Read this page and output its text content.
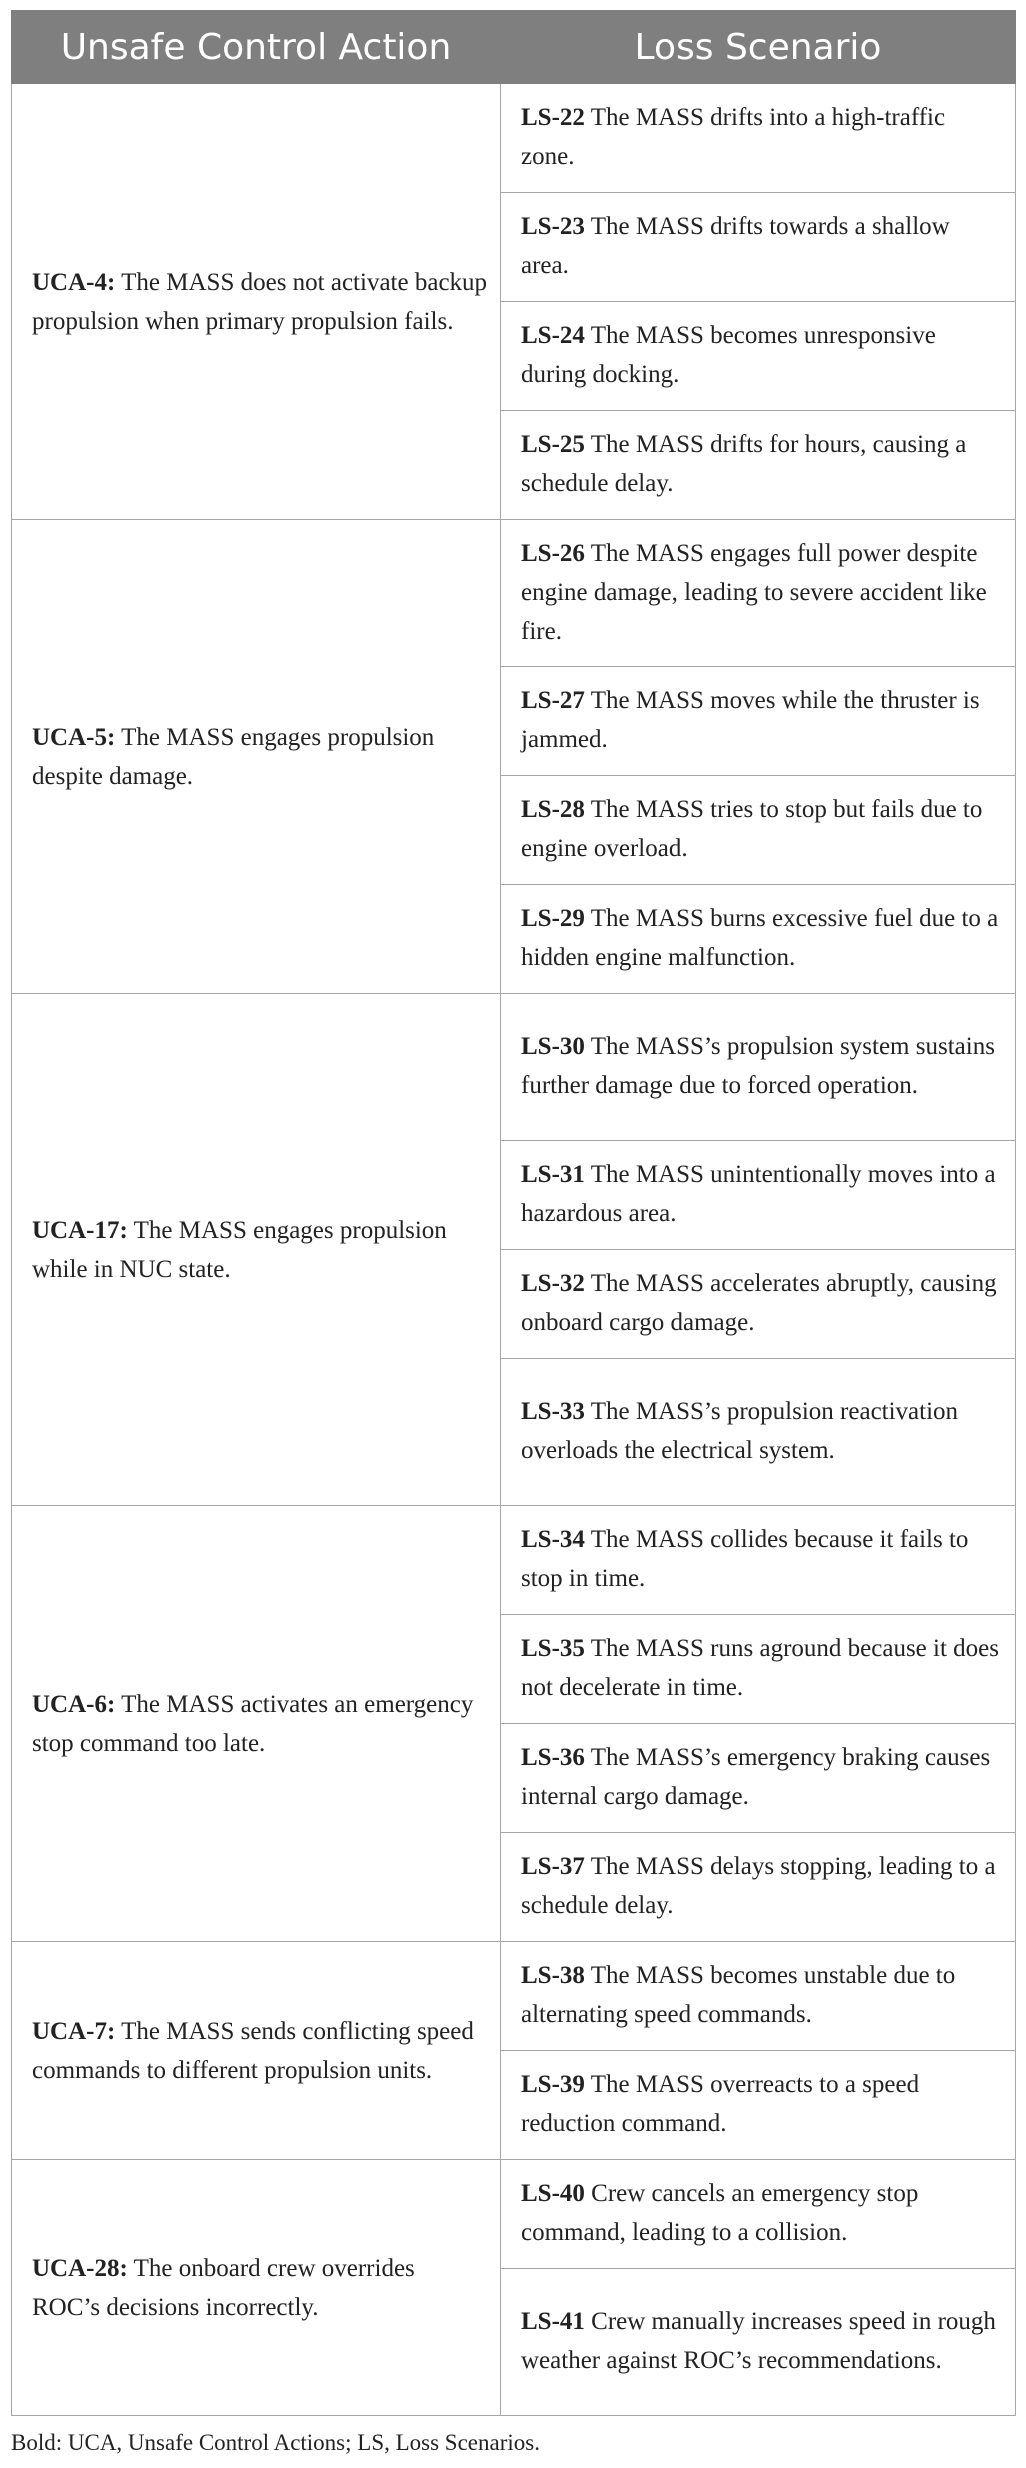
Unsafe Control Action	Loss Scenario
UCA-4: The MASS does not activate backup propulsion when primary propulsion fails.	LS-22 The MASS drifts into a high-traffic zone.
	LS-23 The MASS drifts towards a shallow area.
	LS-24 The MASS becomes unresponsive during docking.
	LS-25 The MASS drifts for hours, causing a schedule delay.
UCA-5: The MASS engages propulsion despite damage.	LS-26 The MASS engages full power despite engine damage, leading to severe accident like fire.
	LS-27 The MASS moves while the thruster is jammed.
	LS-28 The MASS tries to stop but fails due to engine overload.
	LS-29 The MASS burns excessive fuel due to a hidden engine malfunction.
UCA-17: The MASS engages propulsion while in NUC state.	LS-30 The MASS’s propulsion system sustains further damage due to forced operation.
	LS-31 The MASS unintentionally moves into a hazardous area.
	LS-32 The MASS accelerates abruptly, causing onboard cargo damage.
	LS-33 The MASS’s propulsion reactivation overloads the electrical system.
UCA-6: The MASS activates an emergency stop command too late.	LS-34 The MASS collides because it fails to stop in time.
	LS-35 The MASS runs aground because it does not decelerate in time.
	LS-36 The MASS’s emergency braking causes internal cargo damage.
	LS-37 The MASS delays stopping, leading to a schedule delay.
UCA-7: The MASS sends conflicting speed commands to different propulsion units.	LS-38 The MASS becomes unstable due to alternating speed commands.
	LS-39 The MASS overreacts to a speed reduction command.
UCA-28: The onboard crew overrides ROC’s decisions incorrectly.	LS-40 Crew cancels an emergency stop command, leading to a collision.
	LS-41 Crew manually increases speed in rough weather against ROC’s recommendations.
Bold: UCA, Unsafe Control Actions; LS, Loss Scenarios.
